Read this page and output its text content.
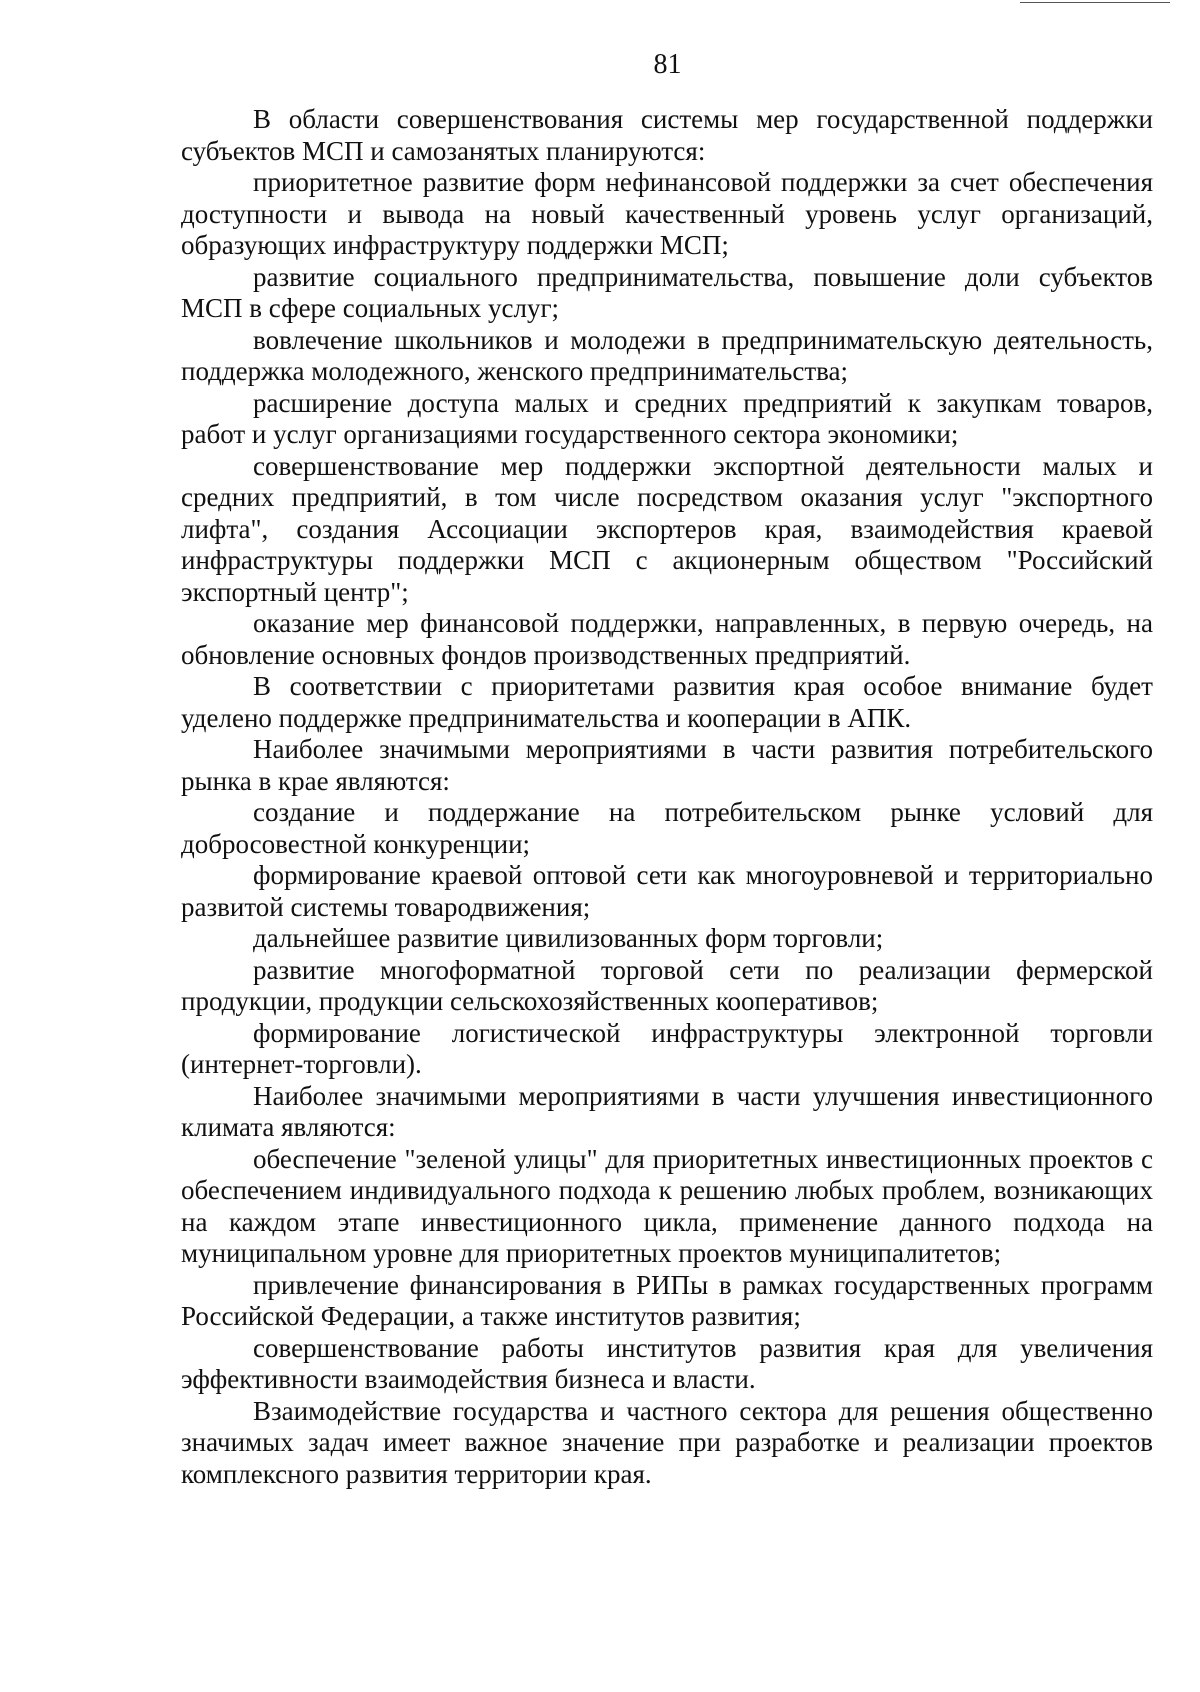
81

В области совершенствования системы мер государственной поддержки субъектов МСП и самозанятых планируются:

приоритетное развитие форм нефинансовой поддержки за счет обеспечения доступности и вывода на новый качественный уровень услуг организаций, образующих инфраструктуру поддержки МСП;

развитие социального предпринимательства, повышение доли субъектов МСП в сфере социальных услуг;

вовлечение школьников и молодежи в предпринимательскую деятельность, поддержка молодежного, женского предпринимательства;

расширение доступа малых и средних предприятий к закупкам товаров, работ и услуг организациями государственного сектора экономики;

совершенствование мер поддержки экспортной деятельности малых и средних предприятий, в том числе посредством оказания услуг "экспортного лифта", создания Ассоциации экспортеров края, взаимодействия краевой инфраструктуры поддержки МСП с акционерным обществом "Российский экспортный центр";

оказание мер финансовой поддержки, направленных, в первую очередь, на обновление основных фондов производственных предприятий.

В соответствии с приоритетами развития края особое внимание будет уделено поддержке предпринимательства и кооперации в АПК.

Наиболее значимыми мероприятиями в части развития потребительского рынка в крае являются:

создание и поддержание на потребительском рынке условий для добросовестной конкуренции;

формирование краевой оптовой сети как многоуровневой и территориально развитой системы товародвижения;

дальнейшее развитие цивилизованных форм торговли;

развитие многоформатной торговой сети по реализации фермерской продукции, продукции сельскохозяйственных кооперативов;

формирование логистической инфраструктуры электронной торговли (интернет-торговли).

Наиболее значимыми мероприятиями в части улучшения инвестиционного климата являются:

обеспечение "зеленой улицы" для приоритетных инвестиционных проектов с обеспечением индивидуального подхода к решению любых проблем, возникающих на каждом этапе инвестиционного цикла, применение данного подхода на муниципальном уровне для приоритетных проектов муниципалитетов;

привлечение финансирования в РИПы в рамках государственных программ Российской Федерации, а также институтов развития;

совершенствование работы институтов развития края для увеличения эффективности взаимодействия бизнеса и власти.

Взаимодействие государства и частного сектора для решения общественно значимых задач имеет важное значение при разработке и реализации проектов комплексного развития территории края.
